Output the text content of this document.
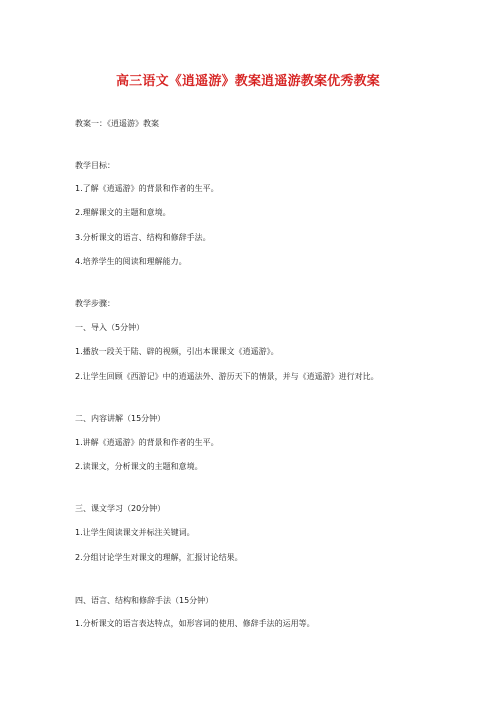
高三语文《逍遥游》教案逍遥游教案优秀教案
教案一：《逍遥游》教案
教学目标：
1.了解《逍遥游》的背景和作者的生平。
2.理解课文的主题和意境。
3.分析课文的语言、结构和修辞手法。
4.培养学生的阅读和理解能力。
教学步骤：
一、导入（5分钟）
1.播放一段关于陆、辟的视频，引出本课课文《逍遥游》。
2.让学生回顾《西游记》中的逍遥法外、游历天下的情景，并与《逍遥游》进行对比。
二、内容讲解（15分钟）
1.讲解《逍遥游》的背景和作者的生平。
2.读课文，分析课文的主题和意境。
三、课文学习（20分钟）
1.让学生阅读课文并标注关键词。
2.分组讨论学生对课文的理解，汇报讨论结果。
四、语言、结构和修辞手法（15分钟）
1.分析课文的语言表达特点，如形容词的使用、修辞手法的运用等。
